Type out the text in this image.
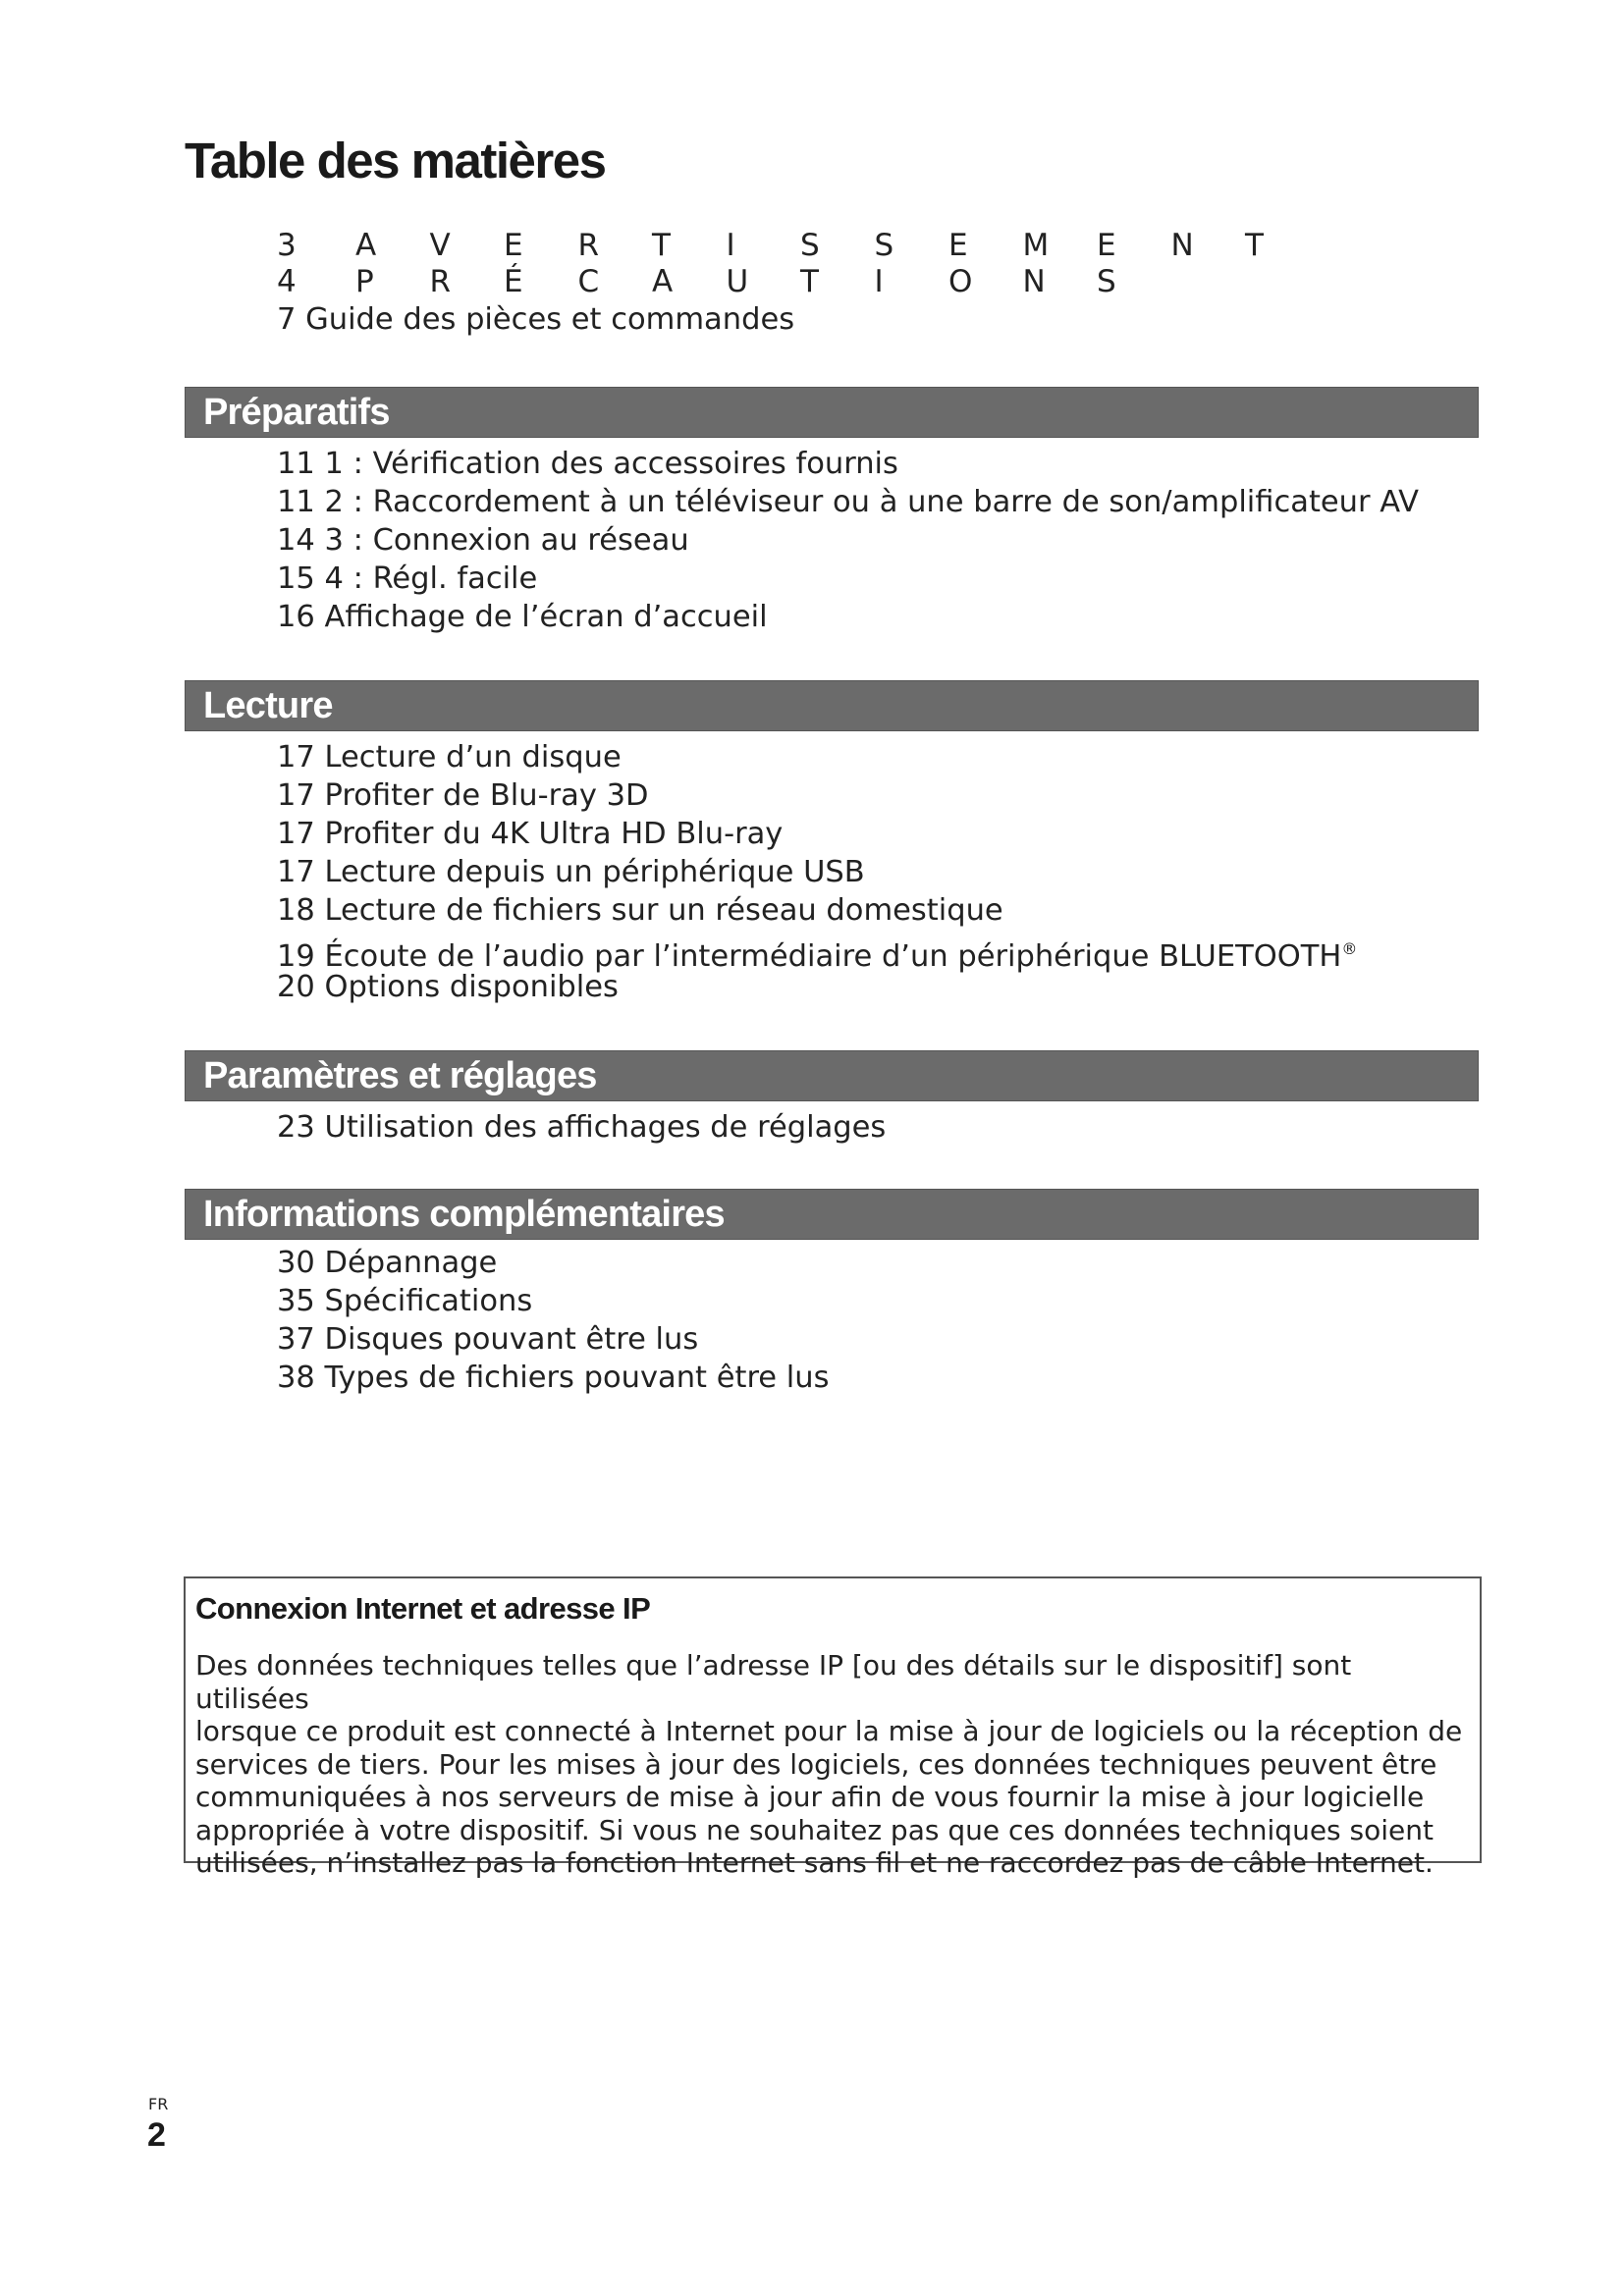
Table des matières
3 A V E R T I S S E M E N T
4 P R É C A U T I O N S
7 Guide des pièces et commandes
Préparatifs
11 1 : Vérification des accessoires fournis
11 2 : Raccordement à un téléviseur ou à une barre de son/amplificateur AV
14 3 : Connexion au réseau
15 4 : Régl. facile
16 Affichage de l’écran d’accueil
Lecture
17 Lecture d’un disque
17 Profiter de Blu-ray 3D
17 Profiter du 4K Ultra HD Blu-ray
17 Lecture depuis un périphérique USB
18 Lecture de fichiers sur un réseau domestique
19 Écoute de l’audio par l’intermédiaire d’un périphérique BLUETOOTH®
20 Options disponibles
Paramètres et réglages
23 Utilisation des affichages de réglages
Informations complémentaires
30 Dépannage
35 Spécifications
37 Disques pouvant être lus
38 Types de fichiers pouvant être lus
Connexion Internet et adresse IP
Des données techniques telles que l’adresse IP [ou des détails sur le dispositif] sont utilisées
lorsque ce produit est connecté à Internet pour la mise à jour de logiciels ou la réception de
services de tiers. Pour les mises à jour des logiciels, ces données techniques peuvent être
communiquées à nos serveurs de mise à jour afin de vous fournir la mise à jour logicielle
appropriée à votre dispositif. Si vous ne souhaitez pas que ces données techniques soient
utilisées, n’installez pas la fonction Internet sans fil et ne raccordez pas de câble Internet.
FR
2
